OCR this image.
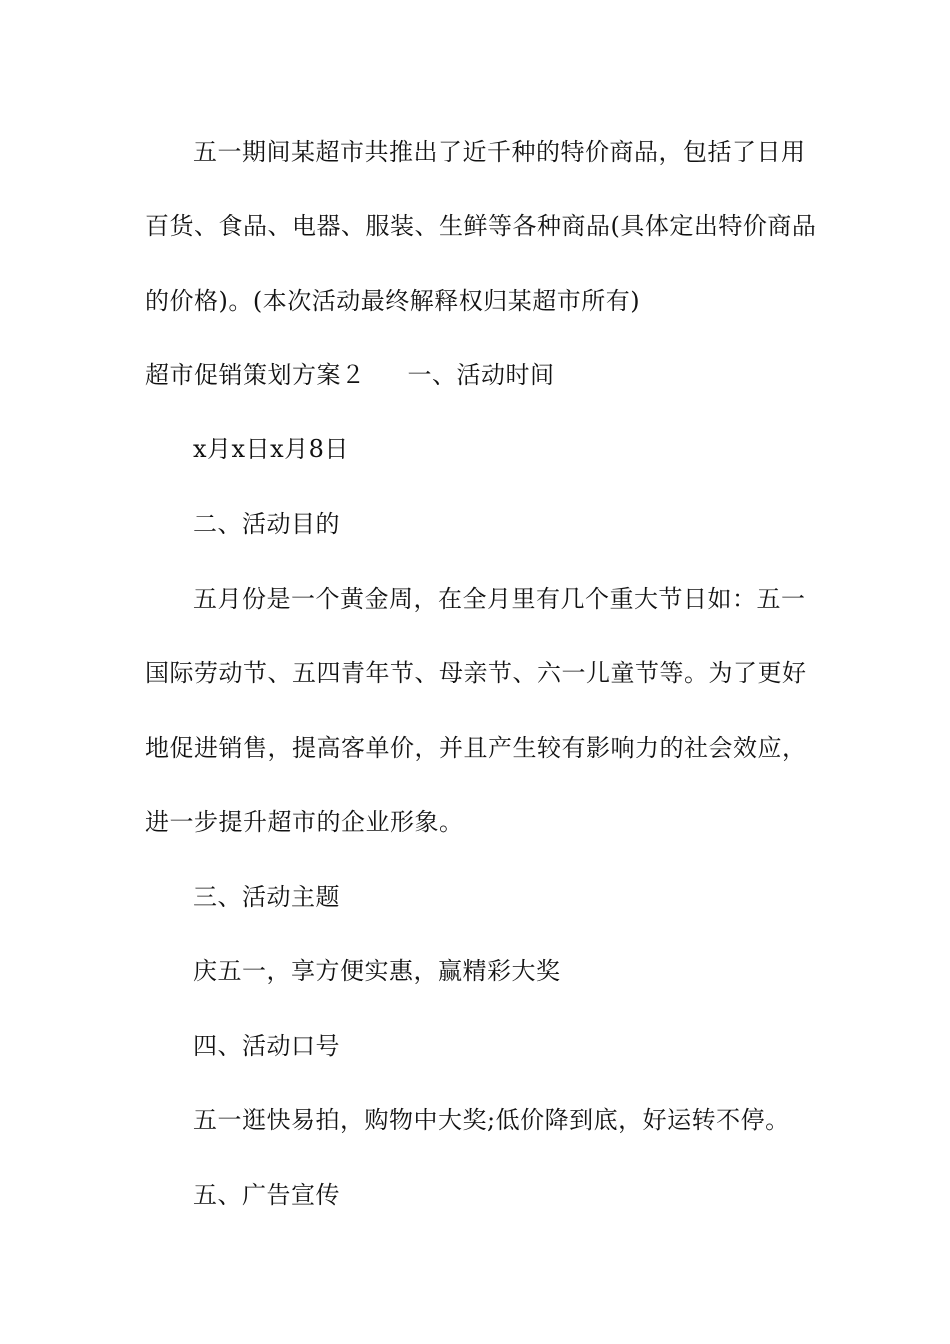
五一期间某超市共推出了近千种的特价商品，包括了日用
百货、食品、电器、服装、生鲜等各种商品(具体定出特价商品
的价格)。(本次活动最终解释权归某超市所有)
超市促销策划方案２ 一、活动时间
x月x日x月8日
二、活动目的
五月份是一个黄金周，在全月里有几个重大节日如：五一
国际劳动节、五四青年节、母亲节、六一儿童节等。为了更好
地促进销售，提高客单价，并且产生较有影响力的社会效应，
进一步提升超市的企业形象。
三、活动主题
庆五一，享方便实惠，赢精彩大奖
四、活动口号
五一逛快易拍，购物中大奖;低价降到底，好运转不停。
五、广告宣传
